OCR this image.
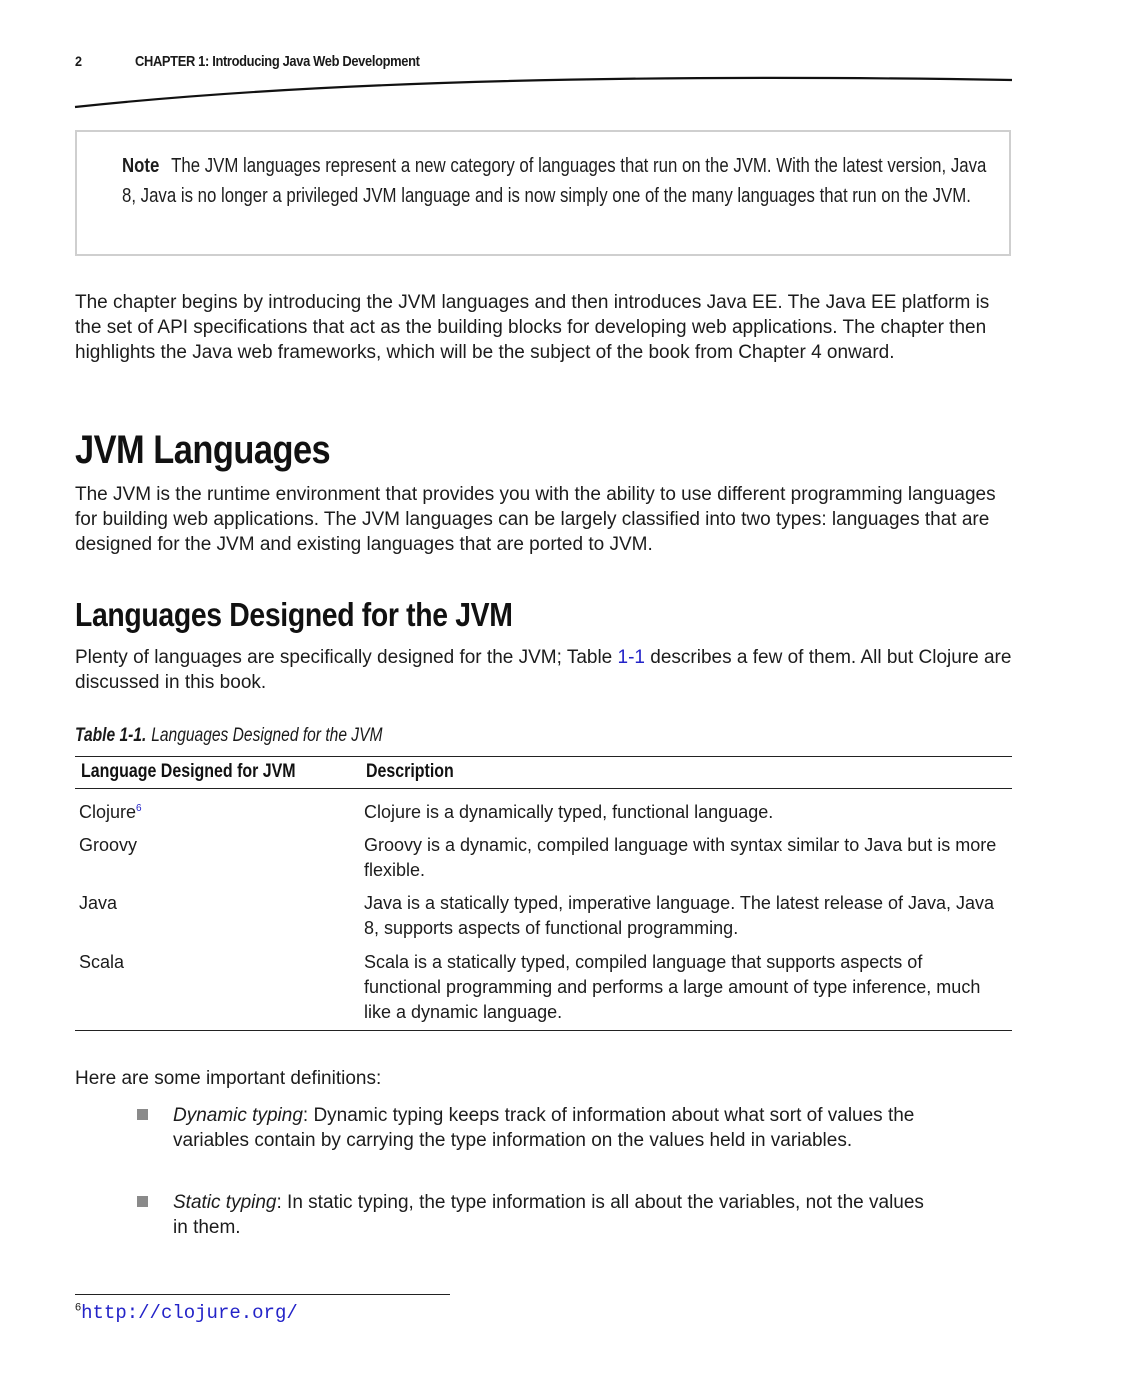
2	CHAPTER 1: Introducing Java Web Development
Note The JVM languages represent a new category of languages that run on the JVM. With the latest version, Java 8, Java is no longer a privileged JVM language and is now simply one of the many languages that run on the JVM.
The chapter begins by introducing the JVM languages and then introduces Java EE. The Java EE platform is the set of API specifications that act as the building blocks for developing web applications. The chapter then highlights the Java web frameworks, which will be the subject of the book from Chapter 4 onward.
JVM Languages
The JVM is the runtime environment that provides you with the ability to use different programming languages for building web applications. The JVM languages can be largely classified into two types: languages that are designed for the JVM and existing languages that are ported to JVM.
Languages Designed for the JVM
Plenty of languages are specifically designed for the JVM; Table 1-1 describes a few of them. All but Clojure are discussed in this book.
Table 1-1. Languages Designed for the JVM
Language Designed for JVM	Description
Clojure$^6$	Clojure is a dynamically typed, functional language.
Groovy	Groovy is a dynamic, compiled language with syntax similar to Java but is more flexible.
Java	Java is a statically typed, imperative language. The latest release of Java, Java 8, supports aspects of functional programming.
Scala	Scala is a statically typed, compiled language that supports aspects of functional programming and performs a large amount of type inference, much like a dynamic language.
Here are some important definitions:
Dynamic typing: Dynamic typing keeps track of information about what sort of values the variables contain by carrying the type information on the values held in variables.
Static typing: In static typing, the type information is all about the variables, not the values in them.
$^6$http://clojure.org/
